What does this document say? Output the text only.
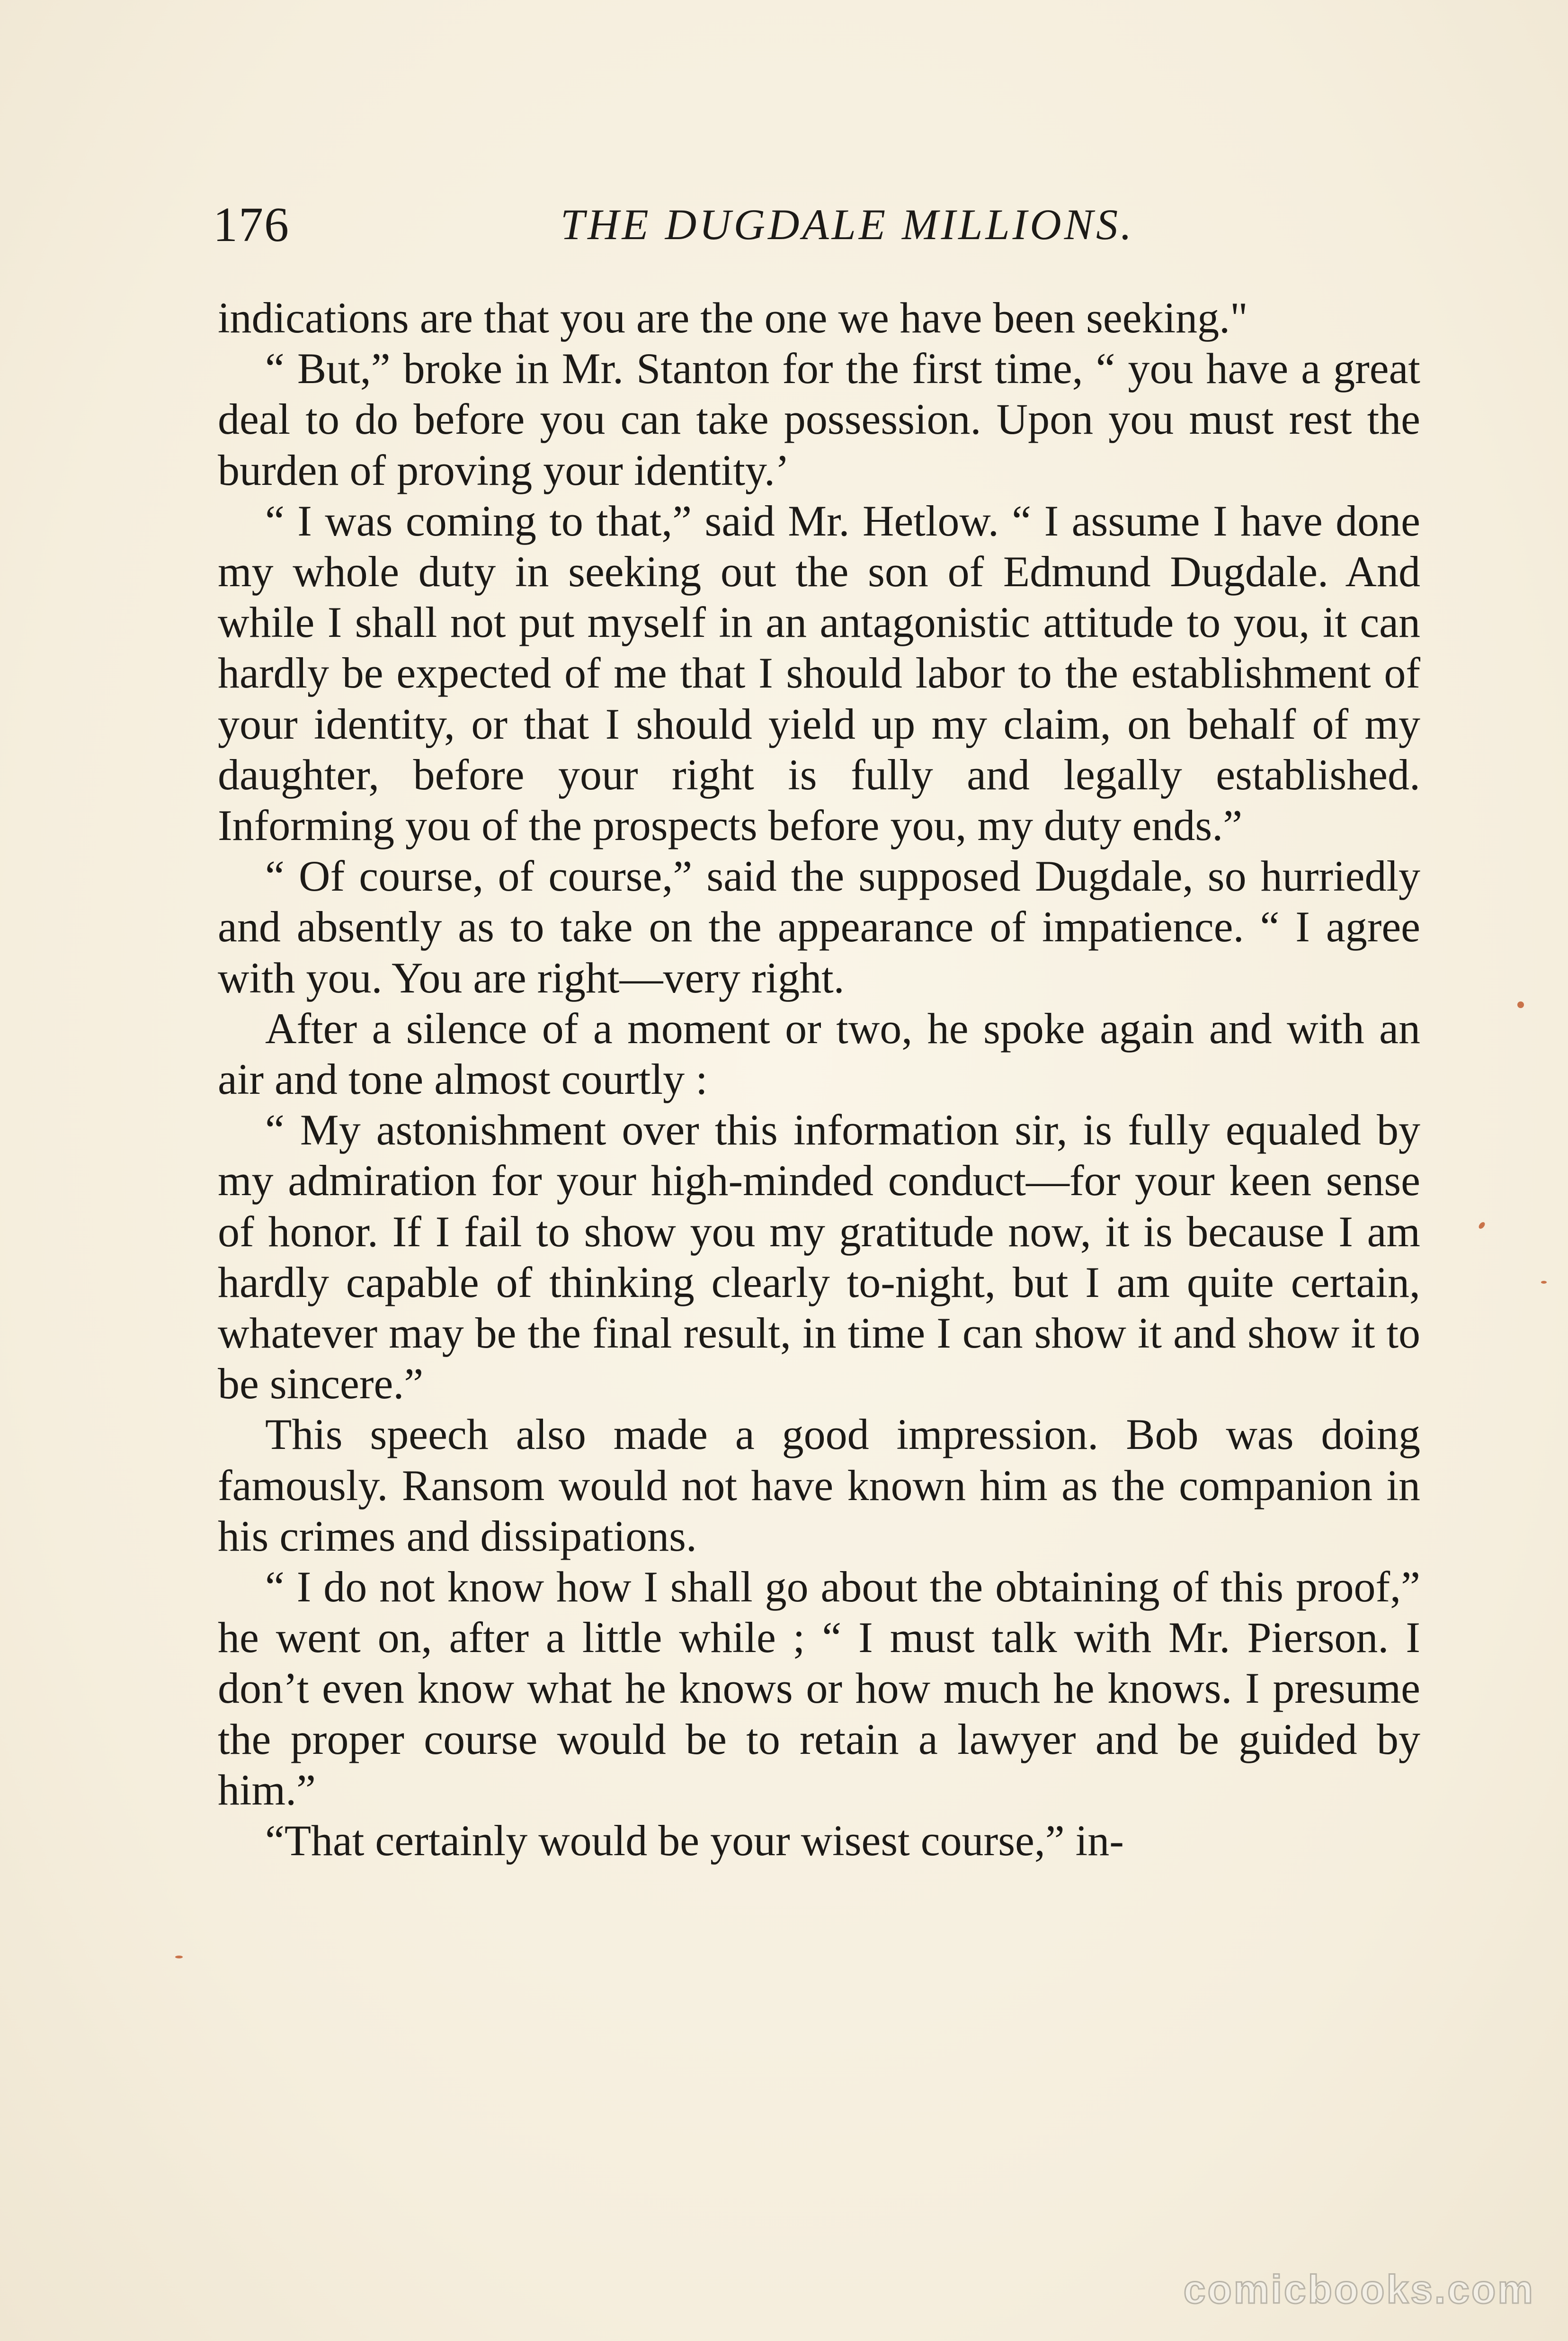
176	THE DUGDALE MILLIONS.

indications are that you are the one we have been seeking."

“ But,” broke in Mr. Stanton for the first time, “ you have a great deal to do before you can take possession. Upon you must rest the burden of proving your identity.’

“ I was coming to that,” said Mr. Hetlow. “ I assume I have done my whole duty in seeking out the son of Edmund Dugdale. And while I shall not put myself in an antagonistic attitude to you, it can hardly be expected of me that I should labor to the establishment of your identity, or that I should yield up my claim, on behalf of my daughter, before your right is fully and legally established. Informing you of the prospects before you, my duty ends.”

“ Of course, of course,” said the supposed Dugdale, so hurriedly and absently as to take on the appearance of impatience. “ I agree with you. You are right—very right.

After a silence of a moment or two, he spoke again and with an air and tone almost courtly :

“ My astonishment over this information sir, is fully equaled by my admiration for your high-minded conduct—for your keen sense of honor. If I fail to show you my gratitude now, it is because I am hardly capable of thinking clearly to-night, but I am quite certain, whatever may be the final result, in time I can show it and show it to be sincere.”

This speech also made a good impression. Bob was doing famously. Ransom would not have known him as the companion in his crimes and dissipations.

“ I do not know how I shall go about the obtaining of this proof,” he went on, after a little while ; “ I must talk with Mr. Pierson. I don’t even know what he knows or how much he knows. I presume the proper course would be to retain a lawyer and be guided by him.”

“That certainly would be your wisest course,” in-

comicbooks.com
